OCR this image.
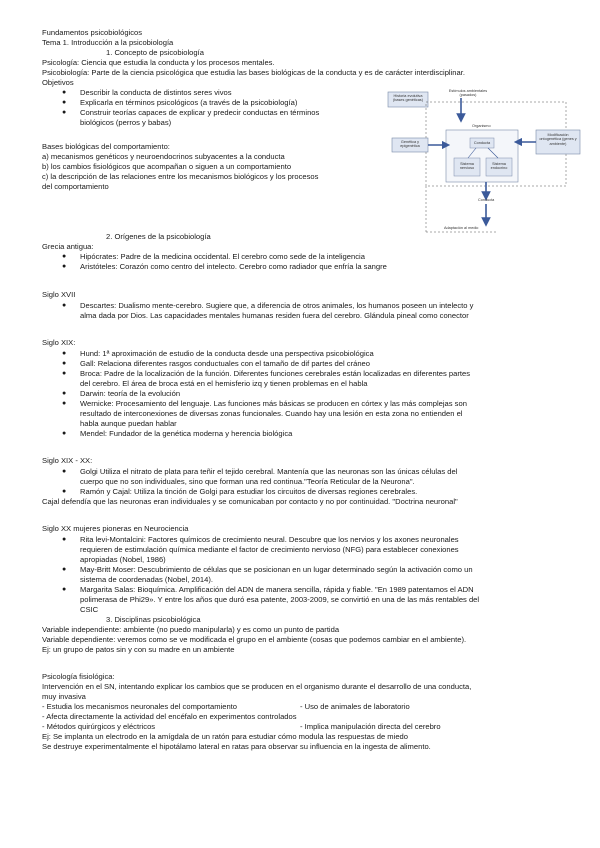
Fundamentos psicobiológicos
Tema 1. Introducción a la psicobiología
1. Concepto de psicobiología
Psicología: Ciencia que estudia la conducta y los procesos mentales.
Psicobiología: Parte de la ciencia psicológica que estudia las bases biológicas de la conducta y es de carácter interdisciplinar.
Objetivos
● Describir la conducta de distintos seres vivos
● Explicarla en términos psicológicos (a través de la psicobiología)
● Construir teorías capaces de explicar y predecir conductas en términos
biológicos (perros y babas)
Bases biológicas del comportamiento:
a) mecanismos genéticos y neuroendocrinos subyacentes a la conducta
b) los cambios fisiológicos que acompañan o siguen a un comportamiento
c) la descripción de las relaciones entre los mecanismos biológicos y los procesos
del comportamiento
2. Orígenes de la psicobiología
Grecia antigua:
● Hipócrates: Padre de la medicina occidental. El cerebro como sede de la inteligencia
● Aristóteles: Corazón como centro del intelecto. Cerebro como radiador que enfría la sangre
Siglo XVII
● Descartes: Dualismo mente-cerebro. Sugiere que, a diferencia de otros animales, los humanos poseen un intelecto y
alma dada por Dios. Las capacidades mentales humanas residen fuera del cerebro. Glándula pineal como conector
Siglo XIX:
● Hund: 1ª aproximación de estudio de la conducta desde una perspectiva psicobiológica
● Gall: Relaciona diferentes rasgos conductuales con el tamaño de dif partes del cráneo
● Broca: Padre de la localización de la función. Diferentes funciones cerebrales están localizadas en diferentes partes
del cerebro. El área de broca está en el hemisferio izq y tienen problemas en el habla
● Darwin: teoría de la evolución
● Wernicke: Procesamiento del lenguaje. Las funciones más básicas se producen en córtex y las más complejas son
resultado de interconexiones de diversas zonas funcionales. Cuando hay una lesión en esta zona no entienden el
habla aunque puedan hablar
● Mendel: Fundador de la genética moderna y herencia biológica
Siglo XIX - XX:
● Golgi Utiliza el nitrato de plata para teñir el tejido cerebral. Mantenía que las neuronas son las únicas células del
cuerpo que no son individuales, sino que forman una red continua."Teoría Reticular de la Neurona".
● Ramón y Cajal: Utiliza la tinción de Golgi para estudiar los circuitos de diversas regiones cerebrales.
Cajal defendía que las neuronas eran individuales y se comunicaban por contacto y no por continuidad. "Doctrina neuronal"
Siglo XX mujeres pioneras en Neurociencia
● Rita levi-Montalcini: Factores químicos de crecimiento neural. Descubre que los nervios y los axones neuronales
requieren de estimulación química mediante el factor de crecimiento nervioso (NFG) para establecer conexiones
apropiadas (Nobel, 1986)
● May-Britt Moser: Descubrimiento de células que se posicionan en un lugar determinado según la activación como un
sistema de coordenadas (Nobel, 2014).
● Margarita Salas: Bioquímica. Amplificación del ADN de manera sencilla, rápida y fiable. "En 1989 patentamos el ADN
polimerasa de Phi29». Y entre los años que duró esa patente, 2003-2009, se convirtió en una de las más rentables del
CSIC
3. Disciplinas psicobiológica
Variable independiente: ambiente (no puedo manipularla) y es como un punto de partida
Variable dependiente: veremos como se ve modificada el grupo en el ambiente (cosas que podemos cambiar en el ambiente).
Ej: un grupo de patos sin y con su madre en un ambiente
Psicología fisiológica:
Intervención en el SN, intentando explicar los cambios que se producen en el organismo durante el desarrollo de una conducta,
muy invasiva
- Estudia los mecanismos neuronales del comportamiento	- Uso de animales de laboratorio
- Afecta directamente la actividad del encéfalo en experimentos controlados
- Métodos quirúrgicos y eléctricos	- Implica manipulación directa del cerebro
Ej: Se implanta un electrodo en la amígdala de un ratón para estudiar cómo modula las respuestas de miedo
Se destruye experimentalmente el hipotálamo lateral en ratas para observar su influencia en la ingesta de alimento.
Historia evolutiva (bases genéticas)
Estímulos ambientales (pasados)
Organismo
Conducta
Sistema nervioso
Sistema endocrino
Genética y epigenética
Modificación ontogenética (genes y ambiente)
Conducta
Adaptación al medio
